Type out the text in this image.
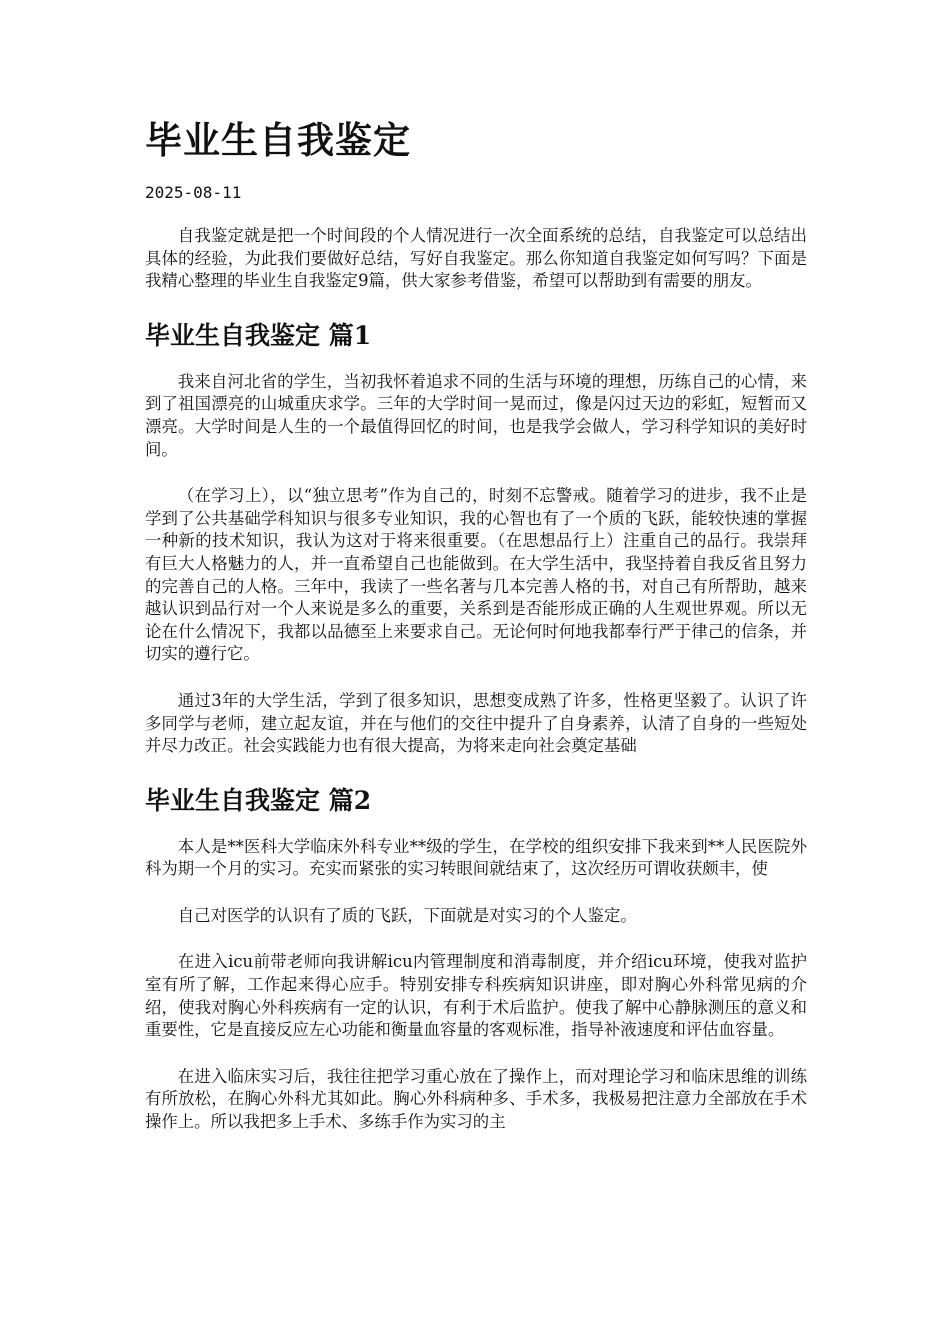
毕业生自我鉴定
2025-08-11

自我鉴定就是把一个时间段的个人情况进行一次全面系统的总结，自我鉴定可以总结出具体的经验，为此我们要做好总结，写好自我鉴定。那么你知道自我鉴定如何写吗？下面是我精心整理的毕业生自我鉴定9篇，供大家参考借鉴，希望可以帮助到有需要的朋友。

毕业生自我鉴定 篇1

我来自河北省的学生，当初我怀着追求不同的生活与环境的理想，历练自己的心情，来到了祖国漂亮的山城重庆求学。三年的大学时间一晃而过，像是闪过天边的彩虹，短暂而又漂亮。大学时间是人生的一个最值得回忆的时间，也是我学会做人，学习科学知识的美好时间。

（在学习上），以“独立思考”作为自己的，时刻不忘警戒。随着学习的进步，我不止是学到了公共基础学科知识与很多专业知识，我的心智也有了一个质的飞跃，能较快速的掌握一种新的技术知识，我认为这对于将来很重要。（在思想品行上）注重自己的品行。我崇拜有巨大人格魅力的人，并一直希望自己也能做到。在大学生活中，我坚持着自我反省且努力的完善自己的人格。三年中，我读了一些名著与几本完善人格的书，对自己有所帮助，越来越认识到品行对一个人来说是多么的重要，关系到是否能形成正确的人生观世界观。所以无论在什么情况下，我都以品德至上来要求自己。无论何时何地我都奉行严于律己的信条，并切实的遵行它。

通过3年的大学生活，学到了很多知识，思想变成熟了许多，性格更坚毅了。认识了许多同学与老师，建立起友谊，并在与他们的交往中提升了自身素养，认清了自身的一些短处并尽力改正。社会实践能力也有很大提高，为将来走向社会奠定基础

毕业生自我鉴定 篇2

本人是**医科大学临床外科专业**级的学生，在学校的组织安排下我来到**人民医院外科为期一个月的实习。充实而紧张的实习转眼间就结束了，这次经历可谓收获颇丰，使

自己对医学的认识有了质的飞跃，下面就是对实习的个人鉴定。

在进入icu前带老师向我讲解icu内管理制度和消毒制度，并介绍icu环境，使我对监护室有所了解，工作起来得心应手。特别安排专科疾病知识讲座，即对胸心外科常见病的介绍，使我对胸心外科疾病有一定的认识，有利于术后监护。使我了解中心静脉测压的意义和重要性，它是直接反应左心功能和衡量血容量的客观标准，指导补液速度和评估血容量。

在进入临床实习后，我往往把学习重心放在了操作上，而对理论学习和临床思维的训练有所放松，在胸心外科尤其如此。胸心外科病种多、手术多，我极易把注意力全部放在手术操作上。所以我把多上手术、多练手作为实习的主
